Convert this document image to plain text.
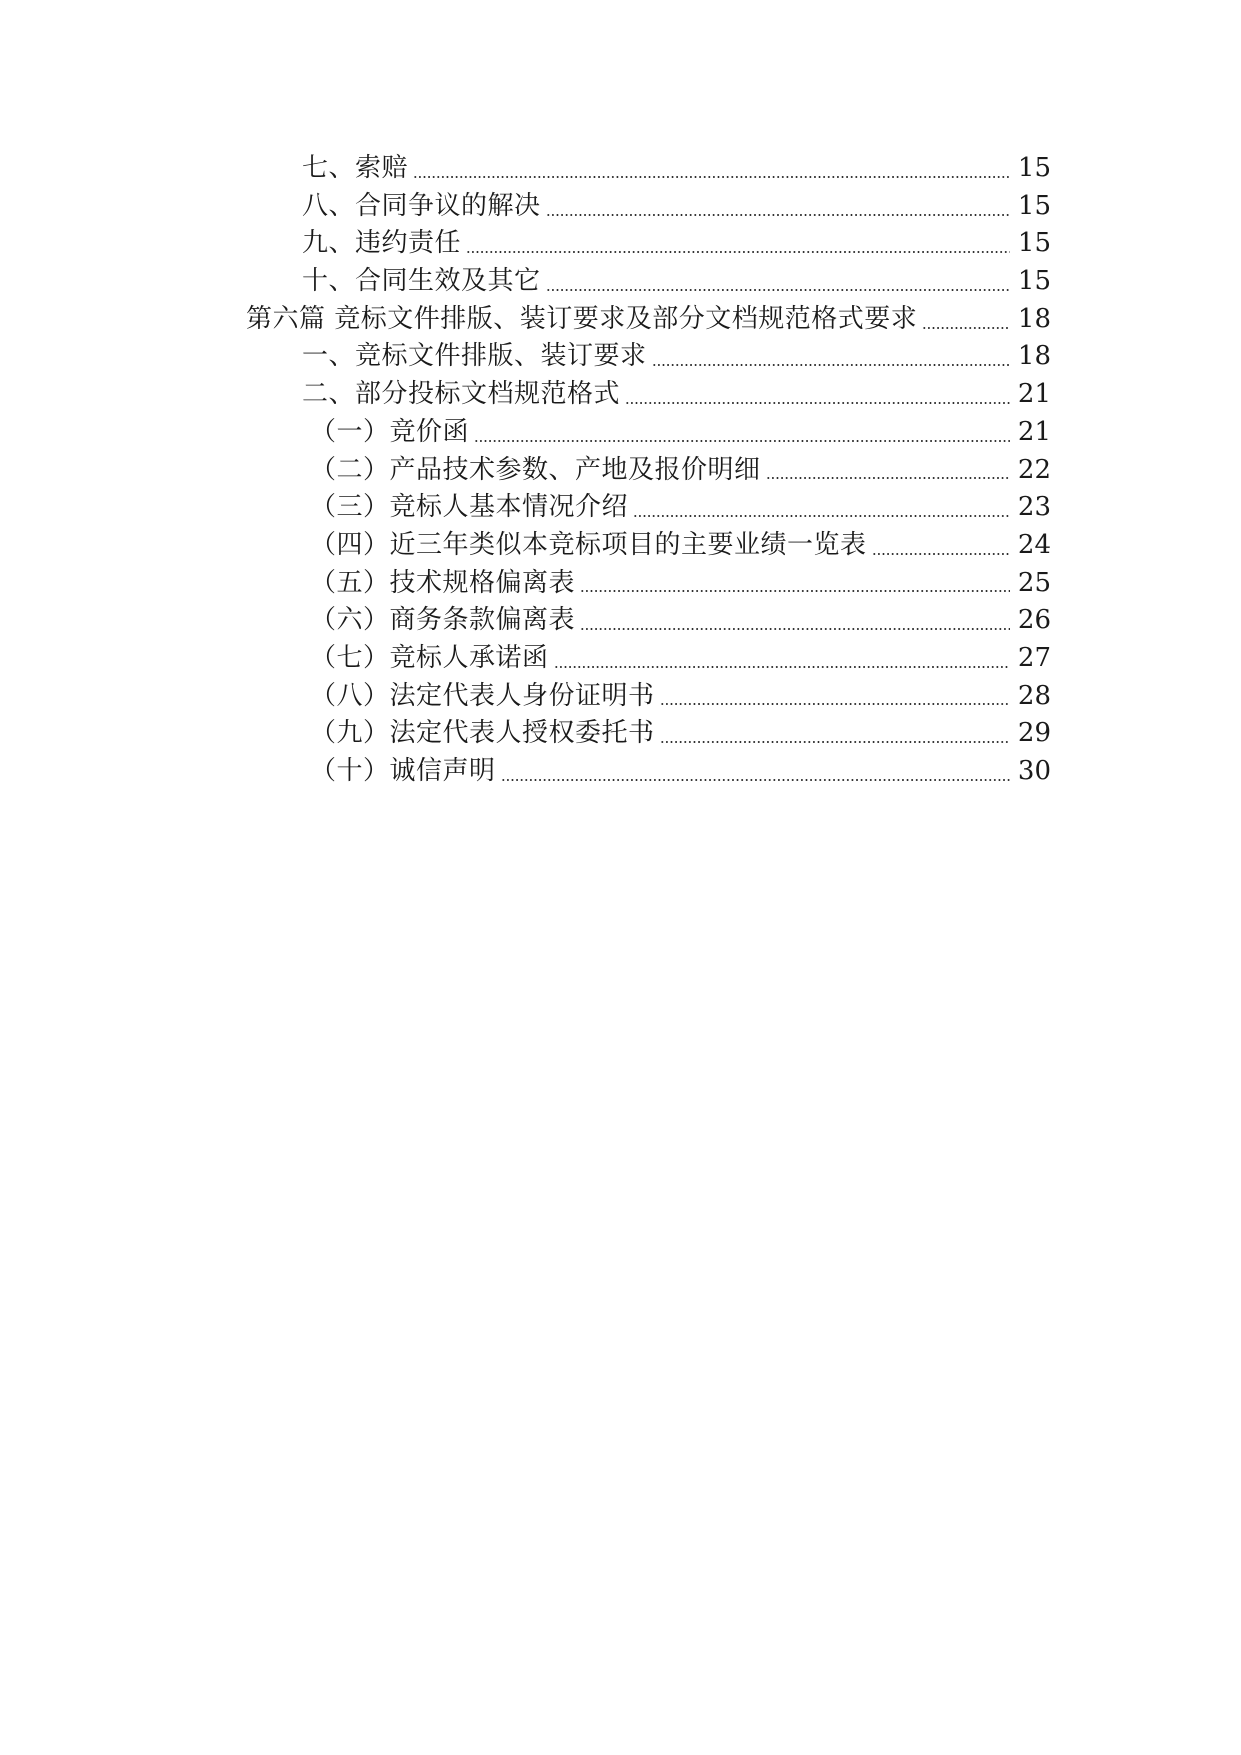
七、索赔	15
八、合同争议的解决	15
九、违约责任	15
十、合同生效及其它	15
第六篇 竞标文件排版、装订要求及部分文档规范格式要求	18
一、竞标文件排版、装订要求	18
二、部分投标文档规范格式	21
（一）竞价函	21
（二）产品技术参数、产地及报价明细	22
（三）竞标人基本情况介绍	23
（四）近三年类似本竞标项目的主要业绩一览表	24
（五）技术规格偏离表	25
（六）商务条款偏离表	26
（七）竞标人承诺函	27
（八）法定代表人身份证明书	28
（九）法定代表人授权委托书	29
（十）诚信声明	30
